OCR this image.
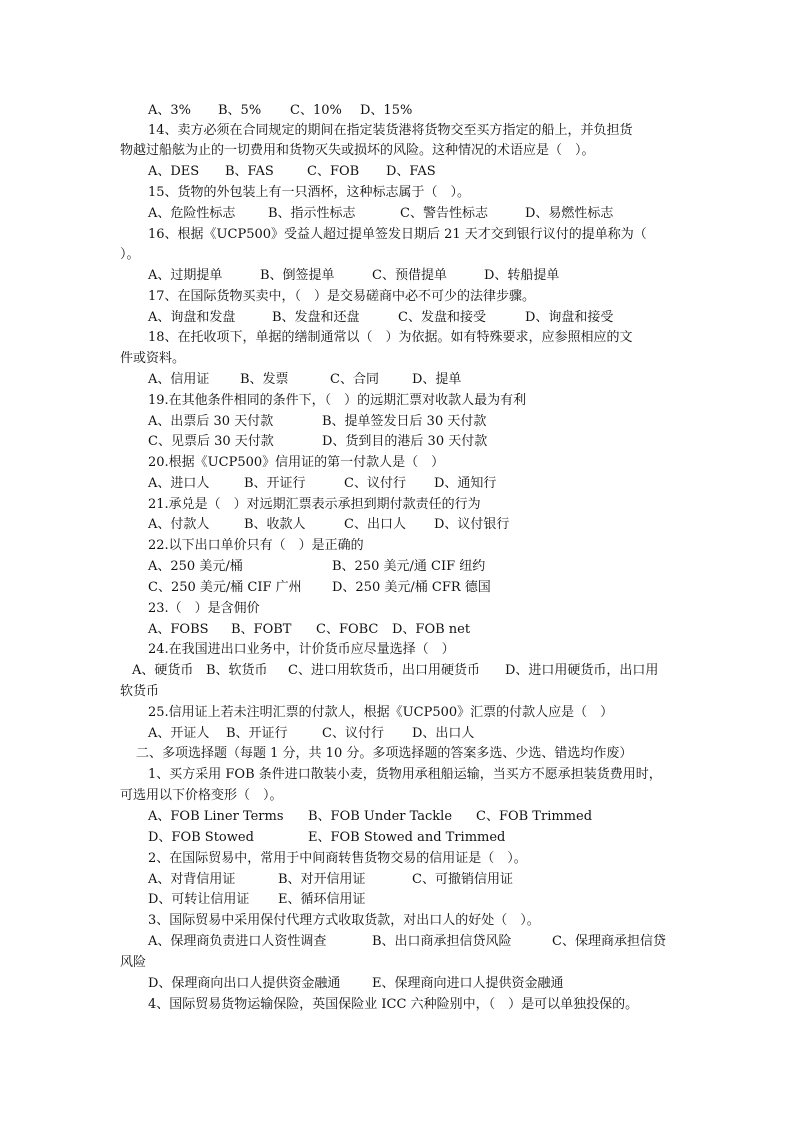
A、3% B、5% C、10% D、15%
14、卖方必须在合同规定的期间在指定装货港将货物交至买方指定的船上，并负担货
物越过船舷为止的一切费用和货物灭失或损坏的风险。这种情况的术语应是（　）。
A、DES B、FAS	C、FOB D、FAS
15、货物的外包装上有一只酒杯，这种标志属于（　）。
A、危险性标志	B、指示性标志	C、警告性标志	D、易燃性标志
16、根据《UCP500》受益人超过提单签发日期后 21 天才交到银行议付的提单称为（
）。
A、过期提单	B、倒签提单	C、预借提单	D、转船提单
17、在国际货物买卖中，（　）是交易磋商中必不可少的法律步骤。
A、询盘和发盘	B、发盘和还盘	C、发盘和接受	D、询盘和接受
18、在托收项下，单据的缮制通常以（　）为依据。如有特殊要求，应参照相应的文
件或资料。
A、信用证 B、发票	C、合同	D、提单
19.在其他条件相同的条件下，（　）的远期汇票对收款人最为有利
A、出票后 30 天付款	B、提单签发日后 30 天付款
C、见票后 30 天付款	D、货到目的港后 30 天付款
20.根据《UCP500》信用证的第一付款人是（　）
A、进口人	B、开证行	C、议付行 D、通知行
21.承兑是（　）对远期汇票表示承担到期付款责任的行为
A、付款人	B、收款人	C、出口人 D、议付银行
22.以下出口单价只有（　）是正确的
A、250 美元/桶	B、250 美元/通 CIF 纽约
C、250 美元/桶 CIF 广州 D、250 美元/桶 CFR 德国
23.（　）是含佣价
A、FOBS B、FOBT C、FOBC D、FOB net
24.在我国进出口业务中，计价货币应尽量选择（　）
A、硬货币 B、软货币 C、进口用软货币，出口用硬货币 D、进口用硬货币，出口用
软货币
25.信用证上若未注明汇票的付款人，根据《UCP500》汇票的付款人应是（　）
A、开证人 B、开证行	C、议付行 D、出口人
二、多项选择题（每题 1 分，共 10 分。多项选择题的答案多选、少选、错选均作废）
1、买方采用 FOB 条件进口散装小麦，货物用承租船运输，当买方不愿承担装货费用时，
可选用以下价格变形（　）。
A、FOB Liner Terms B、FOB Under Tackle C、FOB Trimmed
D、FOB Stowed	E、FOB Stowed and Trimmed
2、在国际贸易中，常用于中间商转售货物交易的信用证是（　）。
A、对背信用证	B、对开信用证	C、可撤销信用证
D、可转让信用证 E、循环信用证
3、国际贸易中采用保付代理方式收取货款，对出口人的好处（　）。
A、保理商负责进口人资性调查	B、出口商承担信贷风险	C、保理商承担信贷
风险
D、保理商向出口人提供资金融通 E、保理商向进口人提供资金融通
4、国际贸易货物运输保险，英国保险业 ICC 六种险别中，（　）是可以单独投保的。
